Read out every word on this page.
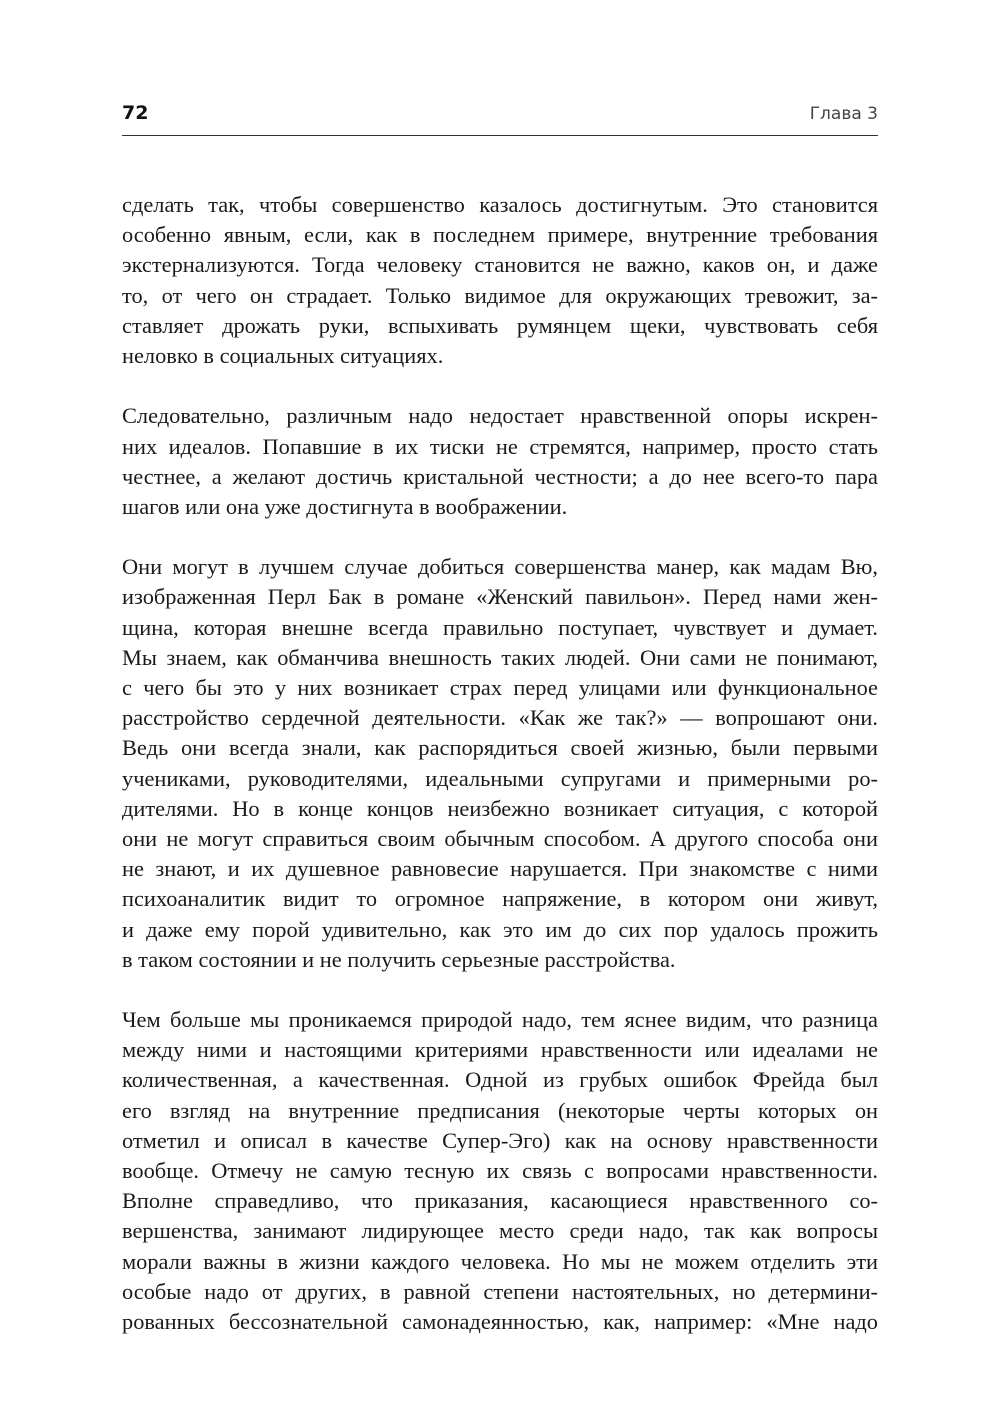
72	Глава 3
сделать так, чтобы совершенство казалось достигнутым. Это становится
особенно явным, если, как в последнем примере, внутренние требования
экстернализуются. Тогда человеку становится не важно, каков он, и даже
то, от чего он страдает. Только видимое для окружающих тревожит, за-
ставляет дрожать руки, вспыхивать румянцем щеки, чувствовать себя
неловко в социальных ситуациях.
Следовательно, различным надо недостает нравственной опоры искрен-
них идеалов. Попавшие в их тиски не стремятся, например, просто стать
честнее, а желают достичь кристальной честности; а до нее всего-то пара
шагов или она уже достигнута в воображении.
Они могут в лучшем случае добиться совершенства манер, как мадам Вю,
изображенная Перл Бак в романе «Женский павильон». Перед нами жен-
щина, которая внешне всегда правильно поступает, чувствует и думает.
Мы знаем, как обманчива внешность таких людей. Они сами не понимают,
с чего бы это у них возникает страх перед улицами или функциональное
расстройство сердечной деятельности. «Как же так?» — вопрошают они.
Ведь они всегда знали, как распорядиться своей жизнью, были первыми
учениками, руководителями, идеальными супругами и примерными ро-
дителями. Но в конце концов неизбежно возникает ситуация, с которой
они не могут справиться своим обычным способом. А другого способа они
не знают, и их душевное равновесие нарушается. При знакомстве с ними
психоаналитик видит то огромное напряжение, в котором они живут,
и даже ему порой удивительно, как это им до сих пор удалось прожить
в таком состоянии и не получить серьезные расстройства.
Чем больше мы проникаемся природой надо, тем яснее видим, что разница
между ними и настоящими критериями нравственности или идеалами не
количественная, а качественная. Одной из грубых ошибок Фрейда был
его взгляд на внутренние предписания (некоторые черты которых он
отметил и описал в качестве Супер-Эго) как на основу нравственности
вообще. Отмечу не самую тесную их связь с вопросами нравственности.
Вполне справедливо, что приказания, касающиеся нравственного со-
вершенства, занимают лидирующее место среди надо, так как вопросы
морали важны в жизни каждого человека. Но мы не можем отделить эти
особые надо от других, в равной степени настоятельных, но детермини-
рованных бессознательной самонадеянностью, как, например: «Мне надо
